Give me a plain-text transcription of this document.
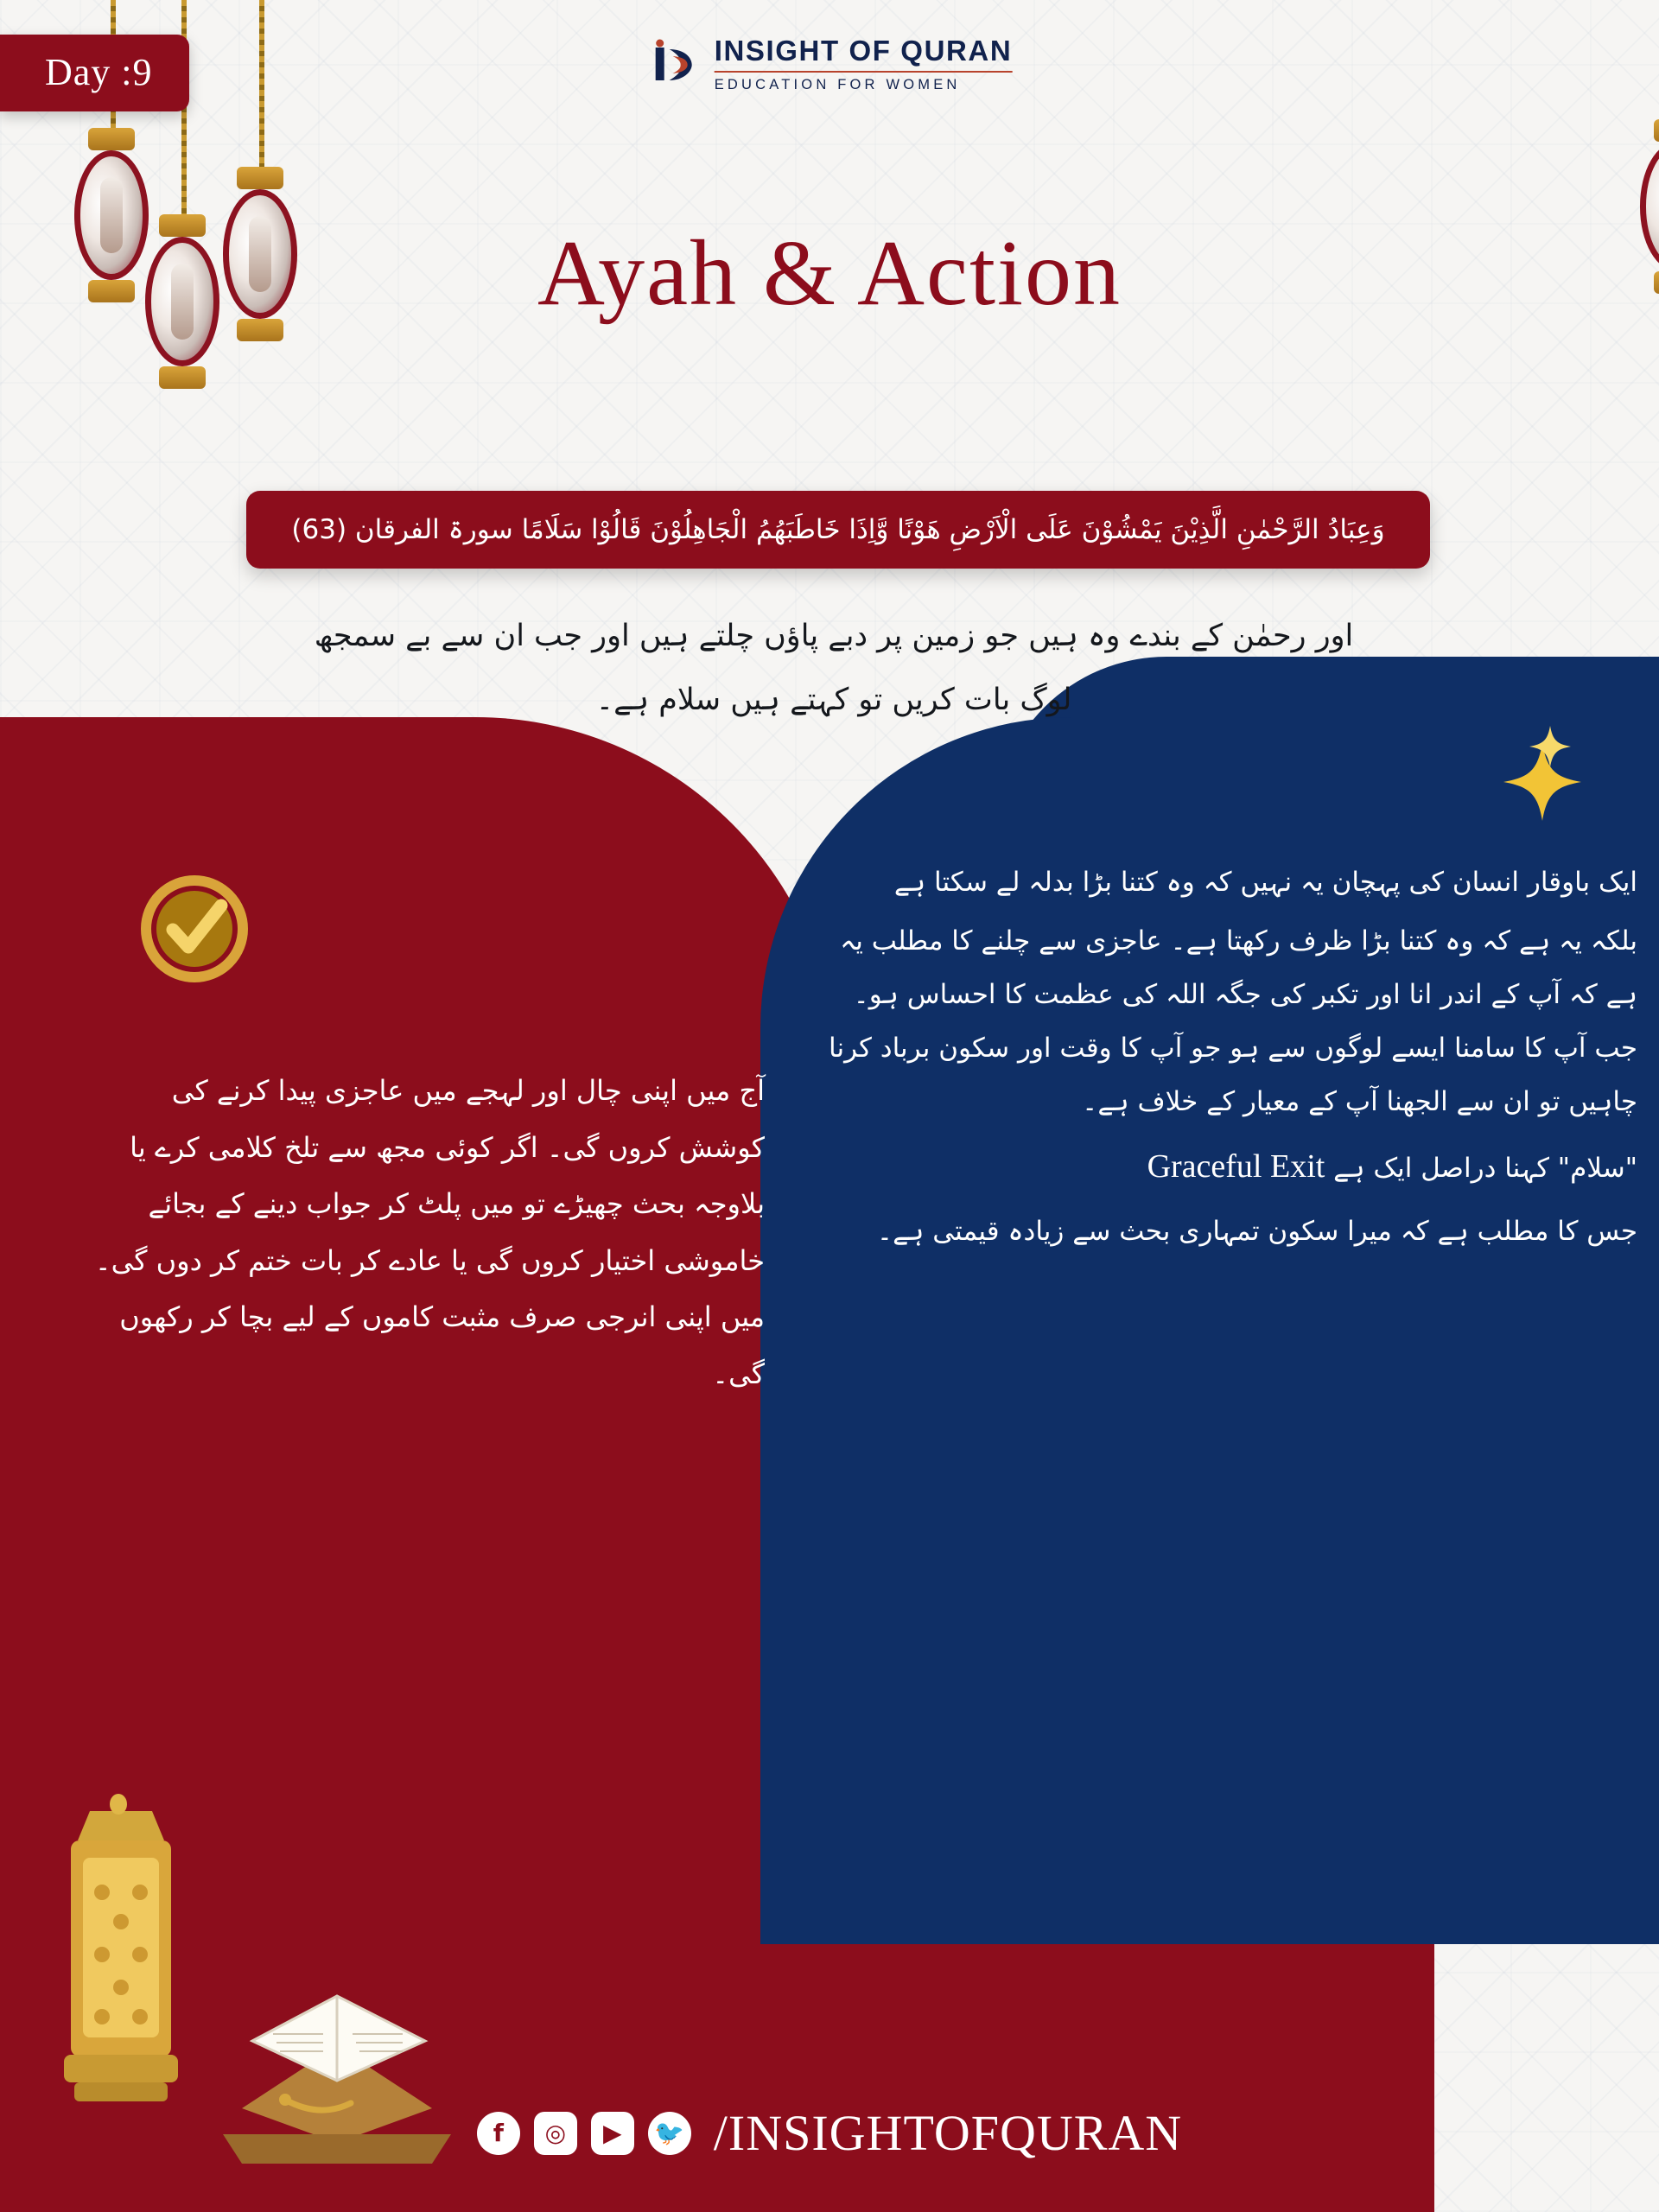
Day :9
INSIGHT OF QURAN
EDUCATION FOR WOMEN
Ayah & Action
وَعِبَادُ الرَّحْمٰنِ الَّذِيْنَ يَمْشُوْنَ عَلَى الْاَرْضِ هَوْنًا وَّاِذَا خَاطَبَهُمُ الْجَاهِلُوْنَ قَالُوْا سَلَامًا سورۃ الفرقان (63)
اور رحمٰن کے بندے وہ ہیں جو زمین پر دبے پاؤں چلتے ہیں اور جب ان سے بے سمجھ لوگ بات کریں تو کہتے ہیں سلام ہے۔

ایک باوقار انسان کی پہچان یہ نہیں کہ وہ کتنا بڑا بدلہ لے سکتا ہے

بلکہ یہ ہے کہ وہ کتنا بڑا ظرف رکھتا ہے۔ عاجزی سے چلنے کا مطلب یہ ہے کہ آپ کے اندر انا اور تکبر کی جگہ اللہ کی عظمت کا احساس ہو۔ جب آپ کا سامنا ایسے لوگوں سے ہو جو آپ کا وقت اور سکون برباد کرنا چاہیں تو ان سے الجھنا آپ کے معیار کے خلاف ہے۔

"سلام" کہنا دراصل ایک ہے Graceful Exit

جس کا مطلب ہے کہ میرا سکون تمہاری بحث سے زیادہ قیمتی ہے۔

آج میں اپنی چال اور لہجے میں عاجزی پیدا کرنے کی کوشش کروں گی۔ اگر کوئی مجھ سے تلخ کلامی کرے یا بلاوجہ بحث چھیڑے تو میں پلٹ کر جواب دینے کے بجائے خاموشی اختیار کروں گی یا عادے کر بات ختم کر دوں گی۔ میں اپنی انرجی صرف مثبت کاموں کے لیے بچا کر رکھوں گی۔
f	◎	▶	🐦 /INSIGHTOFQURAN
